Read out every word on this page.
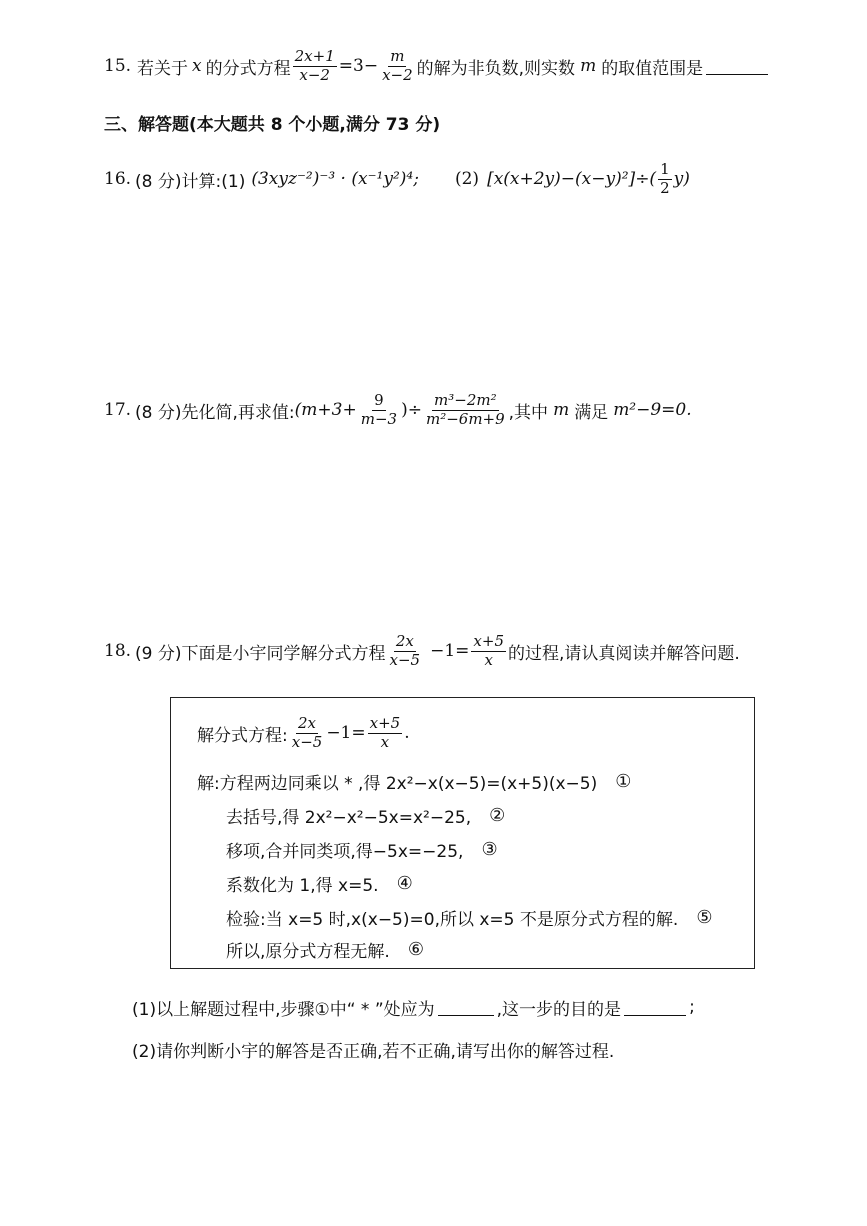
15. 若关于 x 的分式方程 $\frac{2x+1}{x-2} =3- \frac{m}{x-2}$ 的解为非负数,则实数 m 的取值范围是
三、解答题(本大题共 8 个小题,满分 73 分)
16. (8 分)计算:(1) (3xyz⁻²)⁻³ · (x⁻¹y²)⁴; (2) $[x(x+2y)-(x-y)^2]\div( \frac{1}{2} y)$
17. (8 分)先化简,再求值: ($m+3+ \frac{9}{m-3}$ )÷ $\frac{\text{m³−2m²}}{\text{m²−6m+9}}$ ,其中 m 满足 m²−9=0.
18. (9 分)下面是小宇同学解分式方程 $\frac{2x}{x-5} -1= \frac{x+5}{x}$ 的过程,请认真阅读并解答问题.
解分式方程: $\frac{2x}{x-5} -1= \frac{x+5}{x}$ .
解:方程两边同乘以 * ,得 2x²−x(x−5)=(x+5)(x−5) ①
去括号,得 2x²−x²−5x=x²−25, ②
移项,合并同类项,得−5x=−25, ③
系数化为 1,得 x=5. ④
检验:当 x=5 时,x(x−5)=0,所以 x=5 不是原分式方程的解. ⑤
所以,原分式方程无解. ⑥
(1)以上解题过程中,步骤①中“ * ”处应为	,这一步的目的是	;
(2)请你判断小宇的解答是否正确,若不正确,请写出你的解答过程.
